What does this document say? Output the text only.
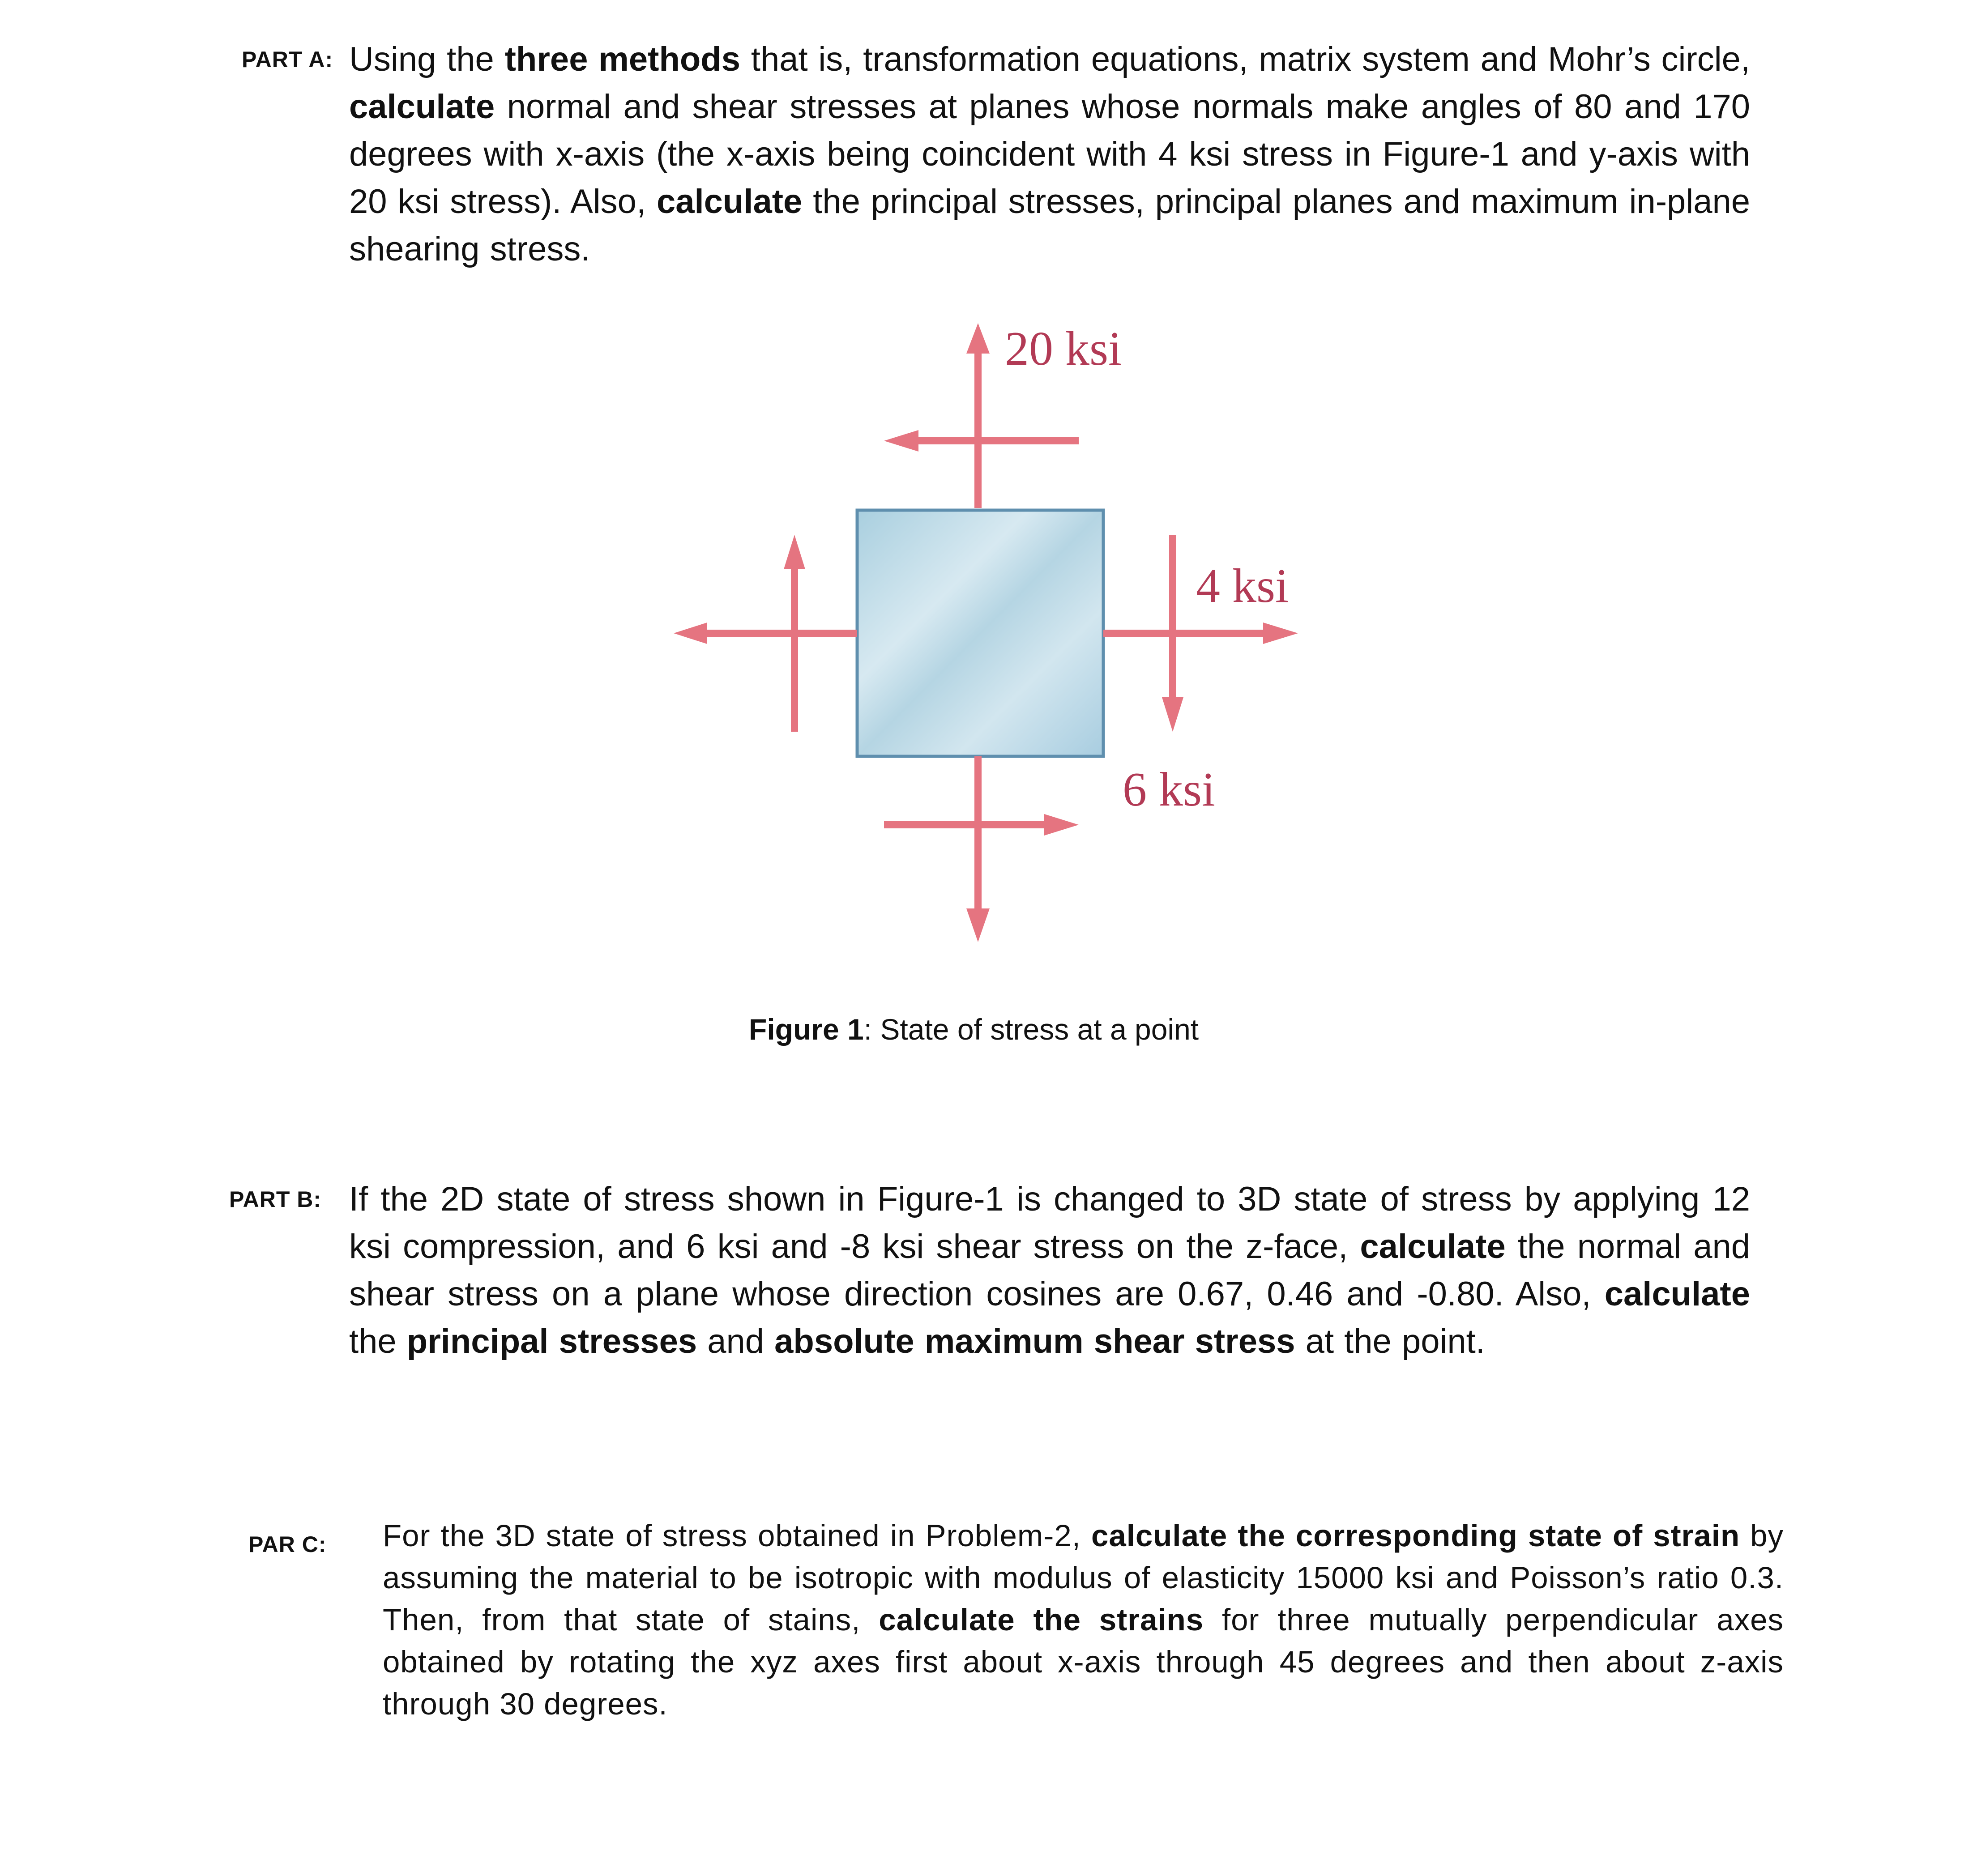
PART A: Using the three methods that is, transformation equations, matrix system and Mohr’s circle, calculate normal and shear stresses at planes whose normals make angles of 80 and 170 degrees with x-axis (the x-axis being coincident with 4 ksi stress in Figure-1 and y-axis with 20 ksi stress). Also, calculate the principal stresses, principal planes and maximum in-plane shearing stress.
20 ksi
4 ksi
6 ksi
Figure 1: State of stress at a point
PART B: If the 2D state of stress shown in Figure-1 is changed to 3D state of stress by applying 12 ksi compression, and 6 ksi and -8 ksi shear stress on the z-face, calculate the normal and shear stress on a plane whose direction cosines are 0.67, 0.46 and -0.80. Also, calculate the principal stresses and absolute maximum shear stress at the point.
PAR C: For the 3D state of stress obtained in Problem-2, calculate the corresponding state of strain by assuming the material to be isotropic with modulus of elasticity 15000 ksi and Poisson’s ratio 0.3. Then, from that state of stains, calculate the strains for three mutually perpendicular axes obtained by rotating the xyz axes first about x-axis through 45 degrees and then about z-axis through 30 degrees.
